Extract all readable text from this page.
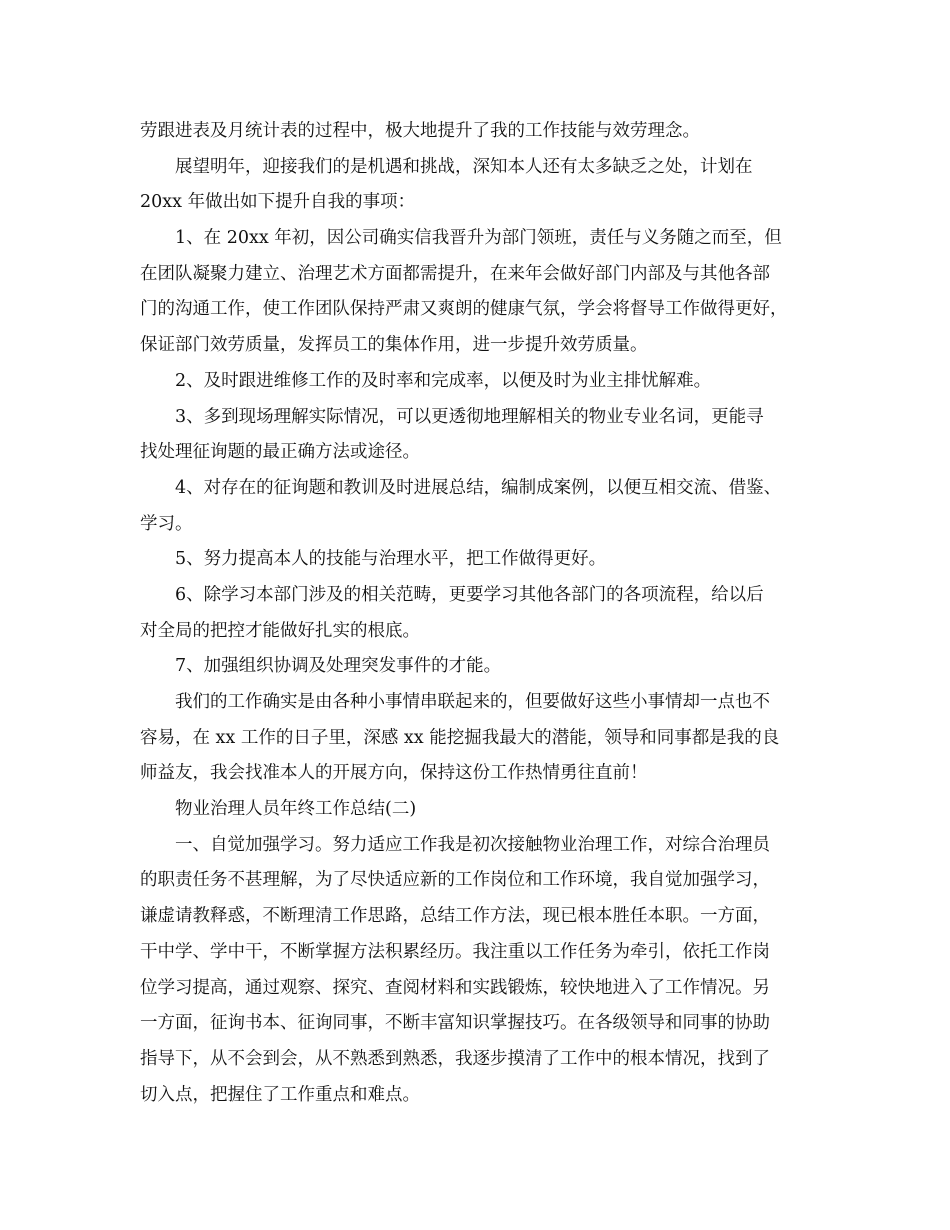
劳跟进表及月统计表的过程中，极大地提升了我的工作技能与效劳理念。
展望明年，迎接我们的是机遇和挑战，深知本人还有太多缺乏之处，计划在
20xx 年做出如下提升自我的事项：
1、在 20xx 年初，因公司确实信我晋升为部门领班，责任与义务随之而至，但
在团队凝聚力建立、治理艺术方面都需提升，在来年会做好部门内部及与其他各部
门的沟通工作，使工作团队保持严肃又爽朗的健康气氛，学会将督导工作做得更好，
保证部门效劳质量，发挥员工的集体作用，进一步提升效劳质量。
2、及时跟进维修工作的及时率和完成率，以便及时为业主排忧解难。
3、多到现场理解实际情况，可以更透彻地理解相关的物业专业名词，更能寻
找处理征询题的最正确方法或途径。
4、对存在的征询题和教训及时进展总结，编制成案例，以便互相交流、借鉴、
学习。
5、努力提高本人的技能与治理水平，把工作做得更好。
6、除学习本部门涉及的相关范畴，更要学习其他各部门的各项流程，给以后
对全局的把控才能做好扎实的根底。
7、加强组织协调及处理突发事件的才能。
我们的工作确实是由各种小事情串联起来的，但要做好这些小事情却一点也不
容易，在 xx 工作的日子里，深感 xx 能挖掘我最大的潜能，领导和同事都是我的良
师益友，我会找准本人的开展方向，保持这份工作热情勇往直前！
物业治理人员年终工作总结(二)
一、自觉加强学习。努力适应工作我是初次接触物业治理工作，对综合治理员
的职责任务不甚理解，为了尽快适应新的工作岗位和工作环境，我自觉加强学习，
谦虚请教释惑，不断理清工作思路，总结工作方法，现已根本胜任本职。一方面，
干中学、学中干，不断掌握方法积累经历。我注重以工作任务为牵引，依托工作岗
位学习提高，通过观察、探究、查阅材料和实践锻炼，较快地进入了工作情况。另
一方面，征询书本、征询同事，不断丰富知识掌握技巧。在各级领导和同事的协助
指导下，从不会到会，从不熟悉到熟悉，我逐步摸清了工作中的根本情况，找到了
切入点，把握住了工作重点和难点。
